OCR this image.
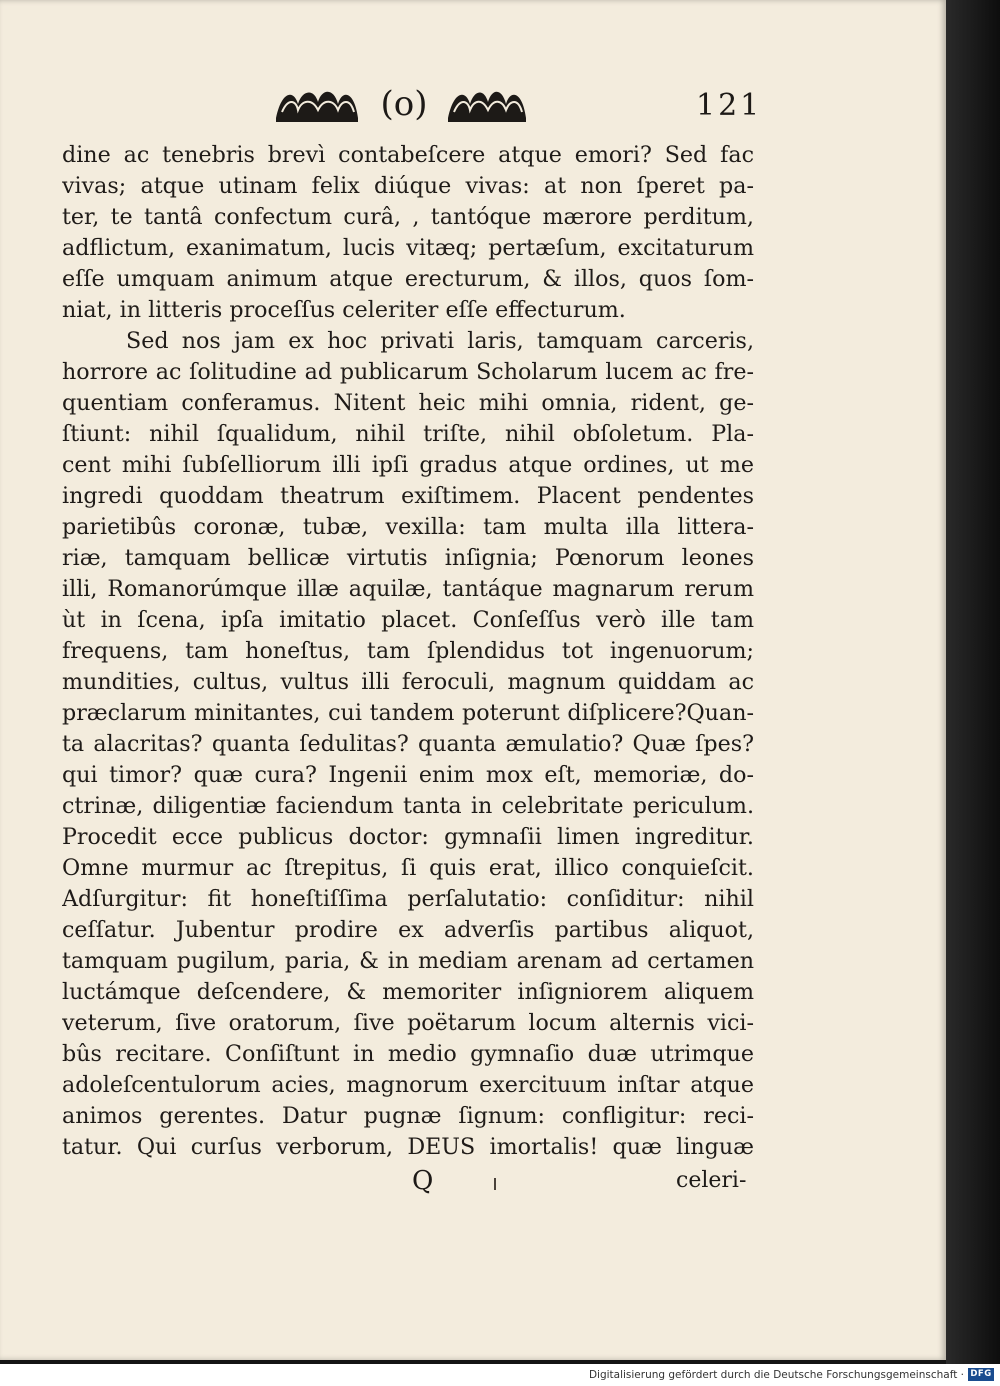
(o)	121
dine ac tenebris brevì contabeſcere atque emori? Sed fac
vivas; atque utinam felix diúque vivas: at non ſperet pa-
ter, te tantâ confectum curâ, , tantóque mærore perditum,
adflictum, exanimatum, lucis vitæq; pertæſum, excitaturum
eſſe umquam animum atque erecturum, & illos, quos ſom-
niat, in litteris proceſſus celeriter eſſe effecturum.
Sed nos jam ex hoc privati laris, tamquam carceris,
horrore ac ſolitudine ad publicarum Scholarum lucem ac fre-
quentiam conferamus. Nitent heic mihi omnia, rident, ge-
ſtiunt: nihil ſqualidum, nihil triſte, nihil obſoletum. Pla-
cent mihi ſubſelliorum illi ipſi gradus atque ordines, ut me
ingredi quoddam theatrum exiſtimem. Placent pendentes
parietibûs coronæ, tubæ, vexilla: tam multa illa littera-
riæ, tamquam bellicæ virtutis inſignia; Pœnorum leones
illi, Romanorúmque illæ aquilæ, tantáque magnarum rerum
ùt in ſcena, ipſa imitatio placet. Conſeſſus verò ille tam
frequens, tam honeſtus, tam ſplendidus tot ingenuorum;
mundities, cultus, vultus illi feroculi, magnum quiddam ac
præclarum minitantes, cui tandem poterunt diſplicere?Quan-
ta alacritas? quanta ſedulitas? quanta æmulatio? Quæ ſpes?
qui timor? quæ cura? Ingenii enim mox eſt, memoriæ, do-
ctrinæ, diligentiæ faciendum tanta in celebritate periculum.
Procedit ecce publicus doctor: gymnaſii limen ingreditur.
Omne murmur ac ſtrepitus, ſi quis erat, illico conquieſcit.
Adſurgitur: fit honeſtiſſima perſalutatio: conſiditur: nihil
ceſſatur. Jubentur prodire ex adverſis partibus aliquot,
tamquam pugilum, paria, & in mediam arenam ad certamen
luctámque deſcendere, & memoriter inſigniorem aliquem
veterum, ſive oratorum, ſive poëtarum locum alternis vici-
bûs recitare. Conſiſtunt in medio gymnaſio duæ utrimque
adoleſcentulorum acies, magnorum exercituum inſtar atque
animos gerentes. Datur pugnæ ſignum: confligitur: reci-
tatur. Qui curſus verborum, DEUS imortalis! quæ linguæ
Q	celeri-
Digitalisierung gefördert durch die Deutsche Forschungsgemeinschaft · DFG
